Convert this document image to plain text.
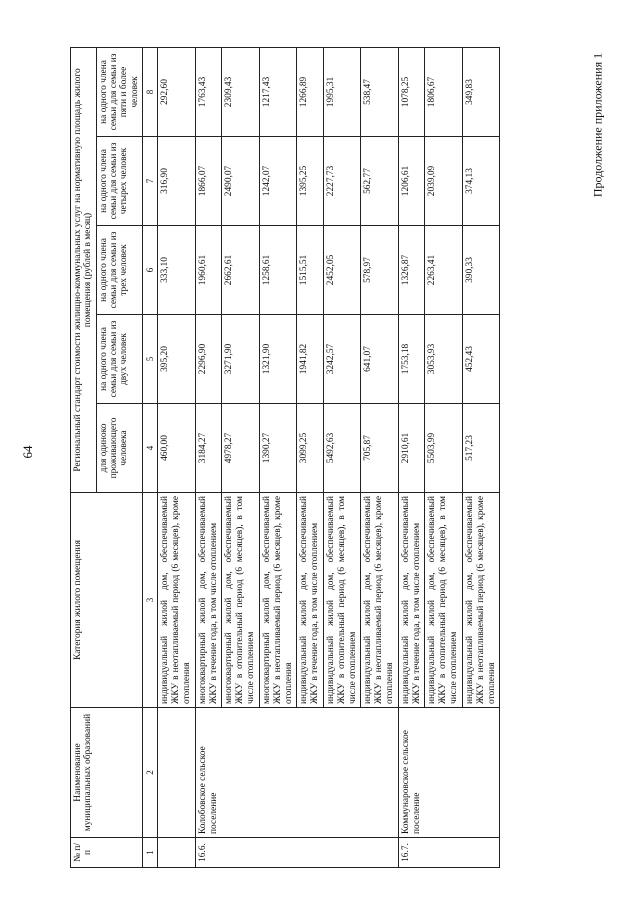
64
Продолжение приложения 1
№ п/п	Наименование муниципальных образований	Категория жилого помещения	Региональный стандарт стоимости жилищно-коммунальных услуг на нормативную площадь жилого помещения (рублей в месяц)				
			для одиноко проживающего человека	на одного члена семьи для семьи из двух человек	на одного члена семьи для семьи из трех человек	на одного члена семьи для семьи из четырех человек	на одного члена семьи для семьи из пяти и более человек
1	2	3	4	5	6	7	8
		индивидуальный жилой дом, обеспечиваемый ЖКУ в неотапливаемый период (6 месяцев), кроме отопления	460,00	395,20	333,10	316,90	292,60
16.6.	Колобовское сельское поселение	многоквартирный жилой дом, обеспечиваемый ЖКУ в течение года, в том числе отоплением	3184,27	2296,90	1960,61	1866,07	1763,43
		многоквартирный жилой дом, обеспечиваемый ЖКУ в отопительный период (6 месяцев), в том числе отоплением	4978,27	3271,90	2662,61	2490,07	2309,43
		многоквартирный жилой дом, обеспечиваемый ЖКУ в неотапливаемый период (6 месяцев), кроме отопления	1390,27	1321,90	1258,61	1242,07	1217,43
		индивидуальный жилой дом, обеспечиваемый ЖКУ в течение года, в том числе отоплением	3099,25	1941,82	1515,51	1395,25	1266,89
		индивидуальный жилой дом, обеспечиваемый ЖКУ в отопительный период (6 месяцев), в том числе отоплением	5492,63	3242,57	2452,05	2227,73	1995,31
		индивидуальный жилой дом, обеспечиваемый ЖКУ в неотапливаемый период (6 месяцев), кроме отопления	705,87	641,07	578,97	562,77	538,47
16.7.	Коммунаровское сельское поселение	индивидуальный жилой дом, обеспечиваемый ЖКУ в течение года, в том числе отоплением	2910,61	1753,18	1326,87	1206,61	1078,25
		индивидуальный жилой дом, обеспечиваемый ЖКУ в отопительный период (6 месяцев), в том числе отоплением	5503,99	3053,93	2263,41	2039,09	1806,67
		индивидуальный жилой дом, обеспечиваемый ЖКУ в неотапливаемый период (6 месяцев), кроме отопления	517,23	452,43	390,33	374,13	349,83
